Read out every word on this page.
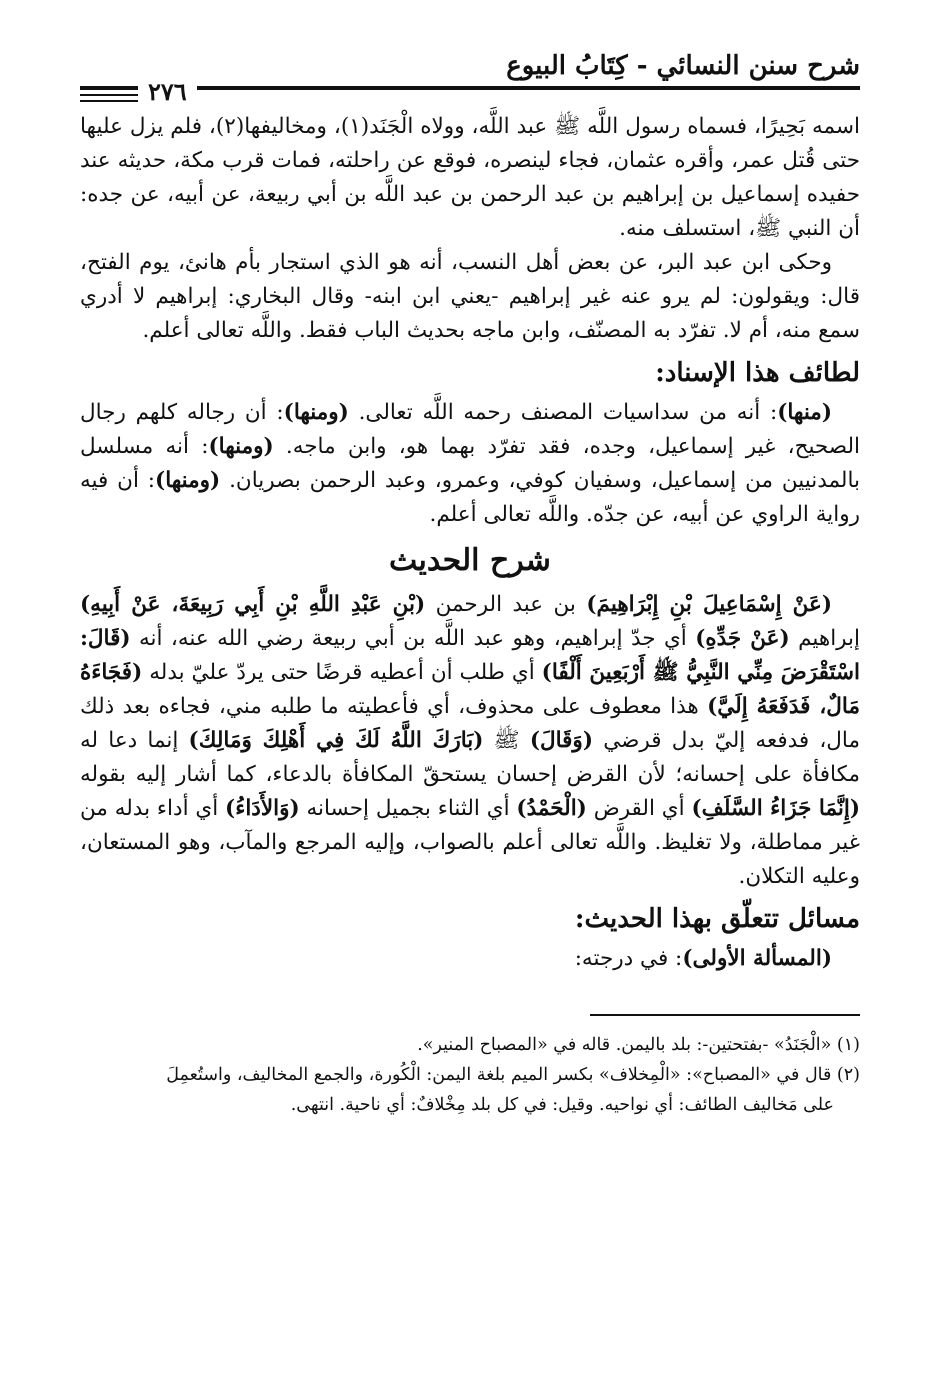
شرح سنن النسائي - كِتَابُ البيوع
٢٧٦

اسمه بَحِيرًا، فسماه رسول اللَّه ﷺ عبد اللَّه، وولاه الْجَنَد(١)، ومخاليفها(٢)، فلم يزل عليها حتى قُتل عمر، وأقره عثمان، فجاء لينصره، فوقع عن راحلته، فمات قرب مكة، حديثه عند حفيده إسماعيل بن إبراهيم بن عبد الرحمن بن عبد اللَّه بن أبي ربيعة، عن أبيه، عن جده: أن النبي ﷺ، استسلف منه.

وحكى ابن عبد البر، عن بعض أهل النسب، أنه هو الذي استجار بأم هانئ، يوم الفتح، قال: ويقولون: لم يرو عنه غير إبراهيم -يعني ابن ابنه- وقال البخاري: إبراهيم لا أدري سمع منه، أم لا. تفرّد به المصنّف، وابن ماجه بحديث الباب فقط. واللَّه تعالى أعلم.

لطائف هذا الإسناد:

(منها): أنه من سداسيات المصنف رحمه اللَّه تعالى. (ومنها): أن رجاله كلهم رجال الصحيح، غير إسماعيل، وجده، فقد تفرّد بهما هو، وابن ماجه. (ومنها): أنه مسلسل بالمدنيين من إسماعيل، وسفيان كوفي، وعمرو، وعبد الرحمن بصريان. (ومنها): أن فيه رواية الراوي عن أبيه، عن جدّه. واللَّه تعالى أعلم.

شرح الحديث

(عَنْ إِسْمَاعِيلَ بْنِ إِبْرَاهِيمَ) بن عبد الرحمن (بْنِ عَبْدِ اللَّهِ بْنِ أَبِي رَبِيعَةَ، عَنْ أَبِيهِ) إبراهيم (عَنْ جَدِّهِ) أي جدّ إبراهيم، وهو عبد اللَّه بن أبي ربيعة رضي الله عنه، أنه (قَالَ: اسْتَقْرَضَ مِنِّي النَّبِيُّ ﷺ أَرْبَعِينَ أَلْفًا) أي طلب أن أعطيه قرضًا حتى يردّ عليّ بدله (فَجَاءَهُ مَالٌ، فَدَفَعَهُ إِلَيَّ) هذا معطوف على محذوف، أي فأعطيته ما طلبه مني، فجاءه بعد ذلك مال، فدفعه إليّ بدل قرضي (وَقَالَ) ﷺ (بَارَكَ اللَّهُ لَكَ فِي أَهْلِكَ وَمَالِكَ) إنما دعا له مكافأة على إحسانه؛ لأن القرض إحسان يستحقّ المكافأة بالدعاء، كما أشار إليه بقوله (إِنَّمَا جَزَاءُ السَّلَفِ) أي القرض (الْحَمْدُ) أي الثناء بجميل إحسانه (وَالأَدَاءُ) أي أداء بدله من غير مماطلة، ولا تغليظ. واللَّه تعالى أعلم بالصواب، وإليه المرجع والمآب، وهو المستعان، وعليه التكلان.

مسائل تتعلّق بهذا الحديث:

(المسألة الأولى): في درجته:

(١) «الْجَنَدُ» -بفتحتين-: بلد باليمن. قاله في «المصباح المنير».

(٢) قال في «المصباح»: «الْمِخلاف» بكسر الميم بلغة اليمن: الْكُورة، والجمع المخاليف، واستُعمِلَ

على مَخاليف الطائف: أي نواحيه. وقيل: في كل بلد مِخْلافٌ: أي ناحية. انتهى.
